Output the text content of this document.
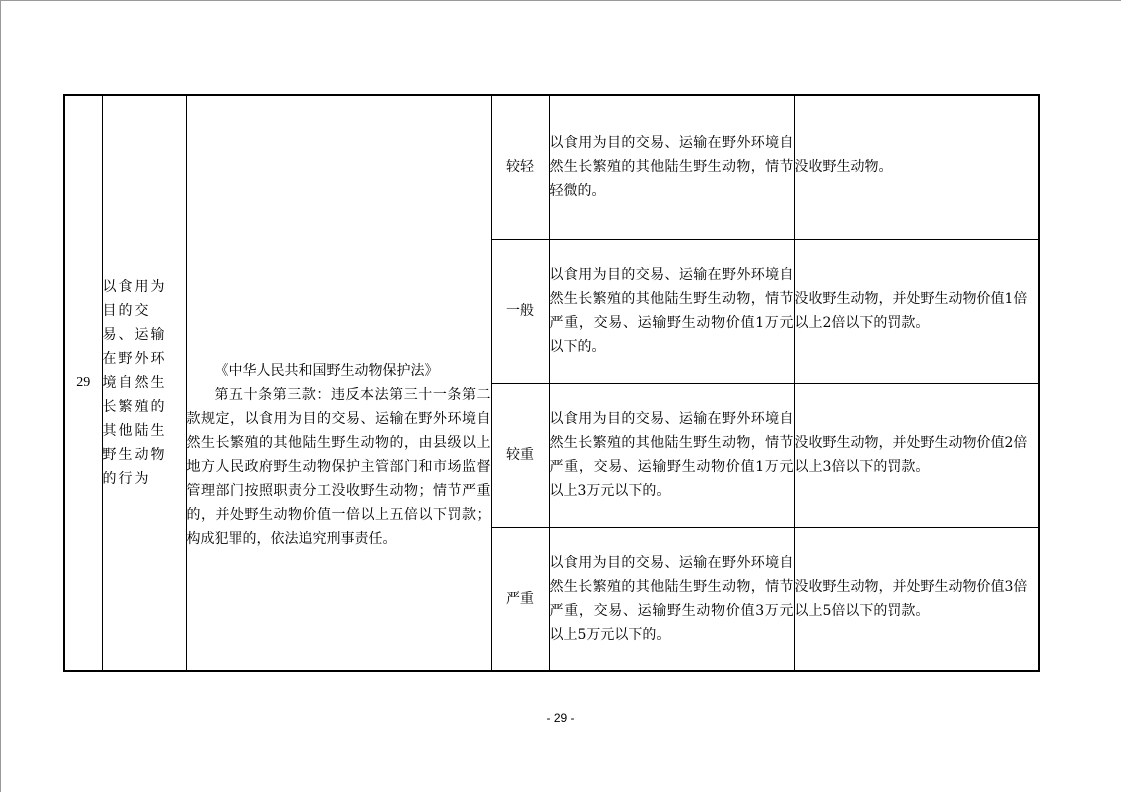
29	以食用为目的交易、运输在野外环境自然生长繁殖的其他陆生野生动物的行为	《中华人民共和国野生动物保护法》
第五十条第三款：违反本法第三十一条第二款规定，以食用为目的交易、运输在野外环境自然生长繁殖的其他陆生野生动物的，由县级以上地方人民政府野生动物保护主管部门和市场监督管理部门按照职责分工没收野生动物；情节严重的，并处野生动物价值一倍以上五倍以下罚款；构成犯罪的，依法追究刑事责任。	较轻	以食用为目的交易、运输在野外环境自然生长繁殖的其他陆生野生动物，情节轻微的。	没收野生动物。
			一般	以食用为目的交易、运输在野外环境自然生长繁殖的其他陆生野生动物，情节严重，交易、运输野生动物价值1万元以下的。	没收野生动物，并处野生动物价值1倍以上2倍以下的罚款。
			较重	以食用为目的交易、运输在野外环境自然生长繁殖的其他陆生野生动物，情节严重，交易、运输野生动物价值1万元以上3万元以下的。	没收野生动物，并处野生动物价值2倍以上3倍以下的罚款。
			严重	以食用为目的交易、运输在野外环境自然生长繁殖的其他陆生野生动物，情节严重，交易、运输野生动物价值3万元以上5万元以下的。	没收野生动物，并处野生动物价值3倍以上5倍以下的罚款。
- 29 -
